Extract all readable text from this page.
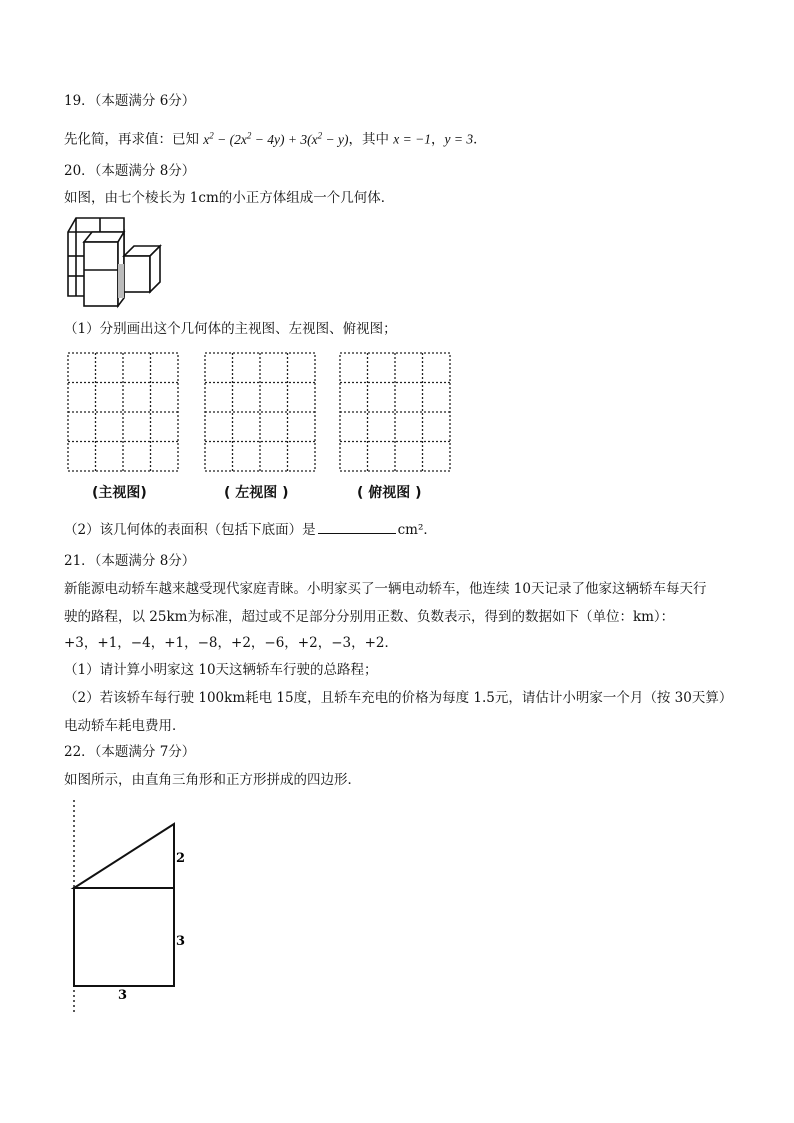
19．（本题满分 6分）
先化简，再求值：已知 $x^2 - (2x^2 - 4y) + 3(x^2 - y)$，其中 x = −1，y = 3．
20．（本题满分 8分）
如图，由七个棱长为 1cm的小正方体组成一个几何体．
（1）分别画出这个几何体的主视图、左视图、俯视图；
(主视图)	( 左视图 )	( 俯视图 )
（2）该几何体的表面积（包括下底面）是	cm²．
21．（本题满分 8分）
新能源电动轿车越来越受现代家庭青睐。小明家买了一辆电动轿车，他连续 10天记录了他家这辆轿车每天行
驶的路程，以 25km为标准，超过或不足部分分别用正数、负数表示，得到的数据如下（单位：km）：
+3，+1，−4，+1，−8，+2，−6，+2，−3，+2．
（1）请计算小明家这 10天这辆轿车行驶的总路程；
（2）若该轿车每行驶 100km耗电 15度，且轿车充电的价格为每度 1.5元，请估计小明家一个月（按 30天算）
电动轿车耗电费用．
22．（本题满分 7分）
如图所示，由直角三角形和正方形拼成的四边形．
2
3
3
